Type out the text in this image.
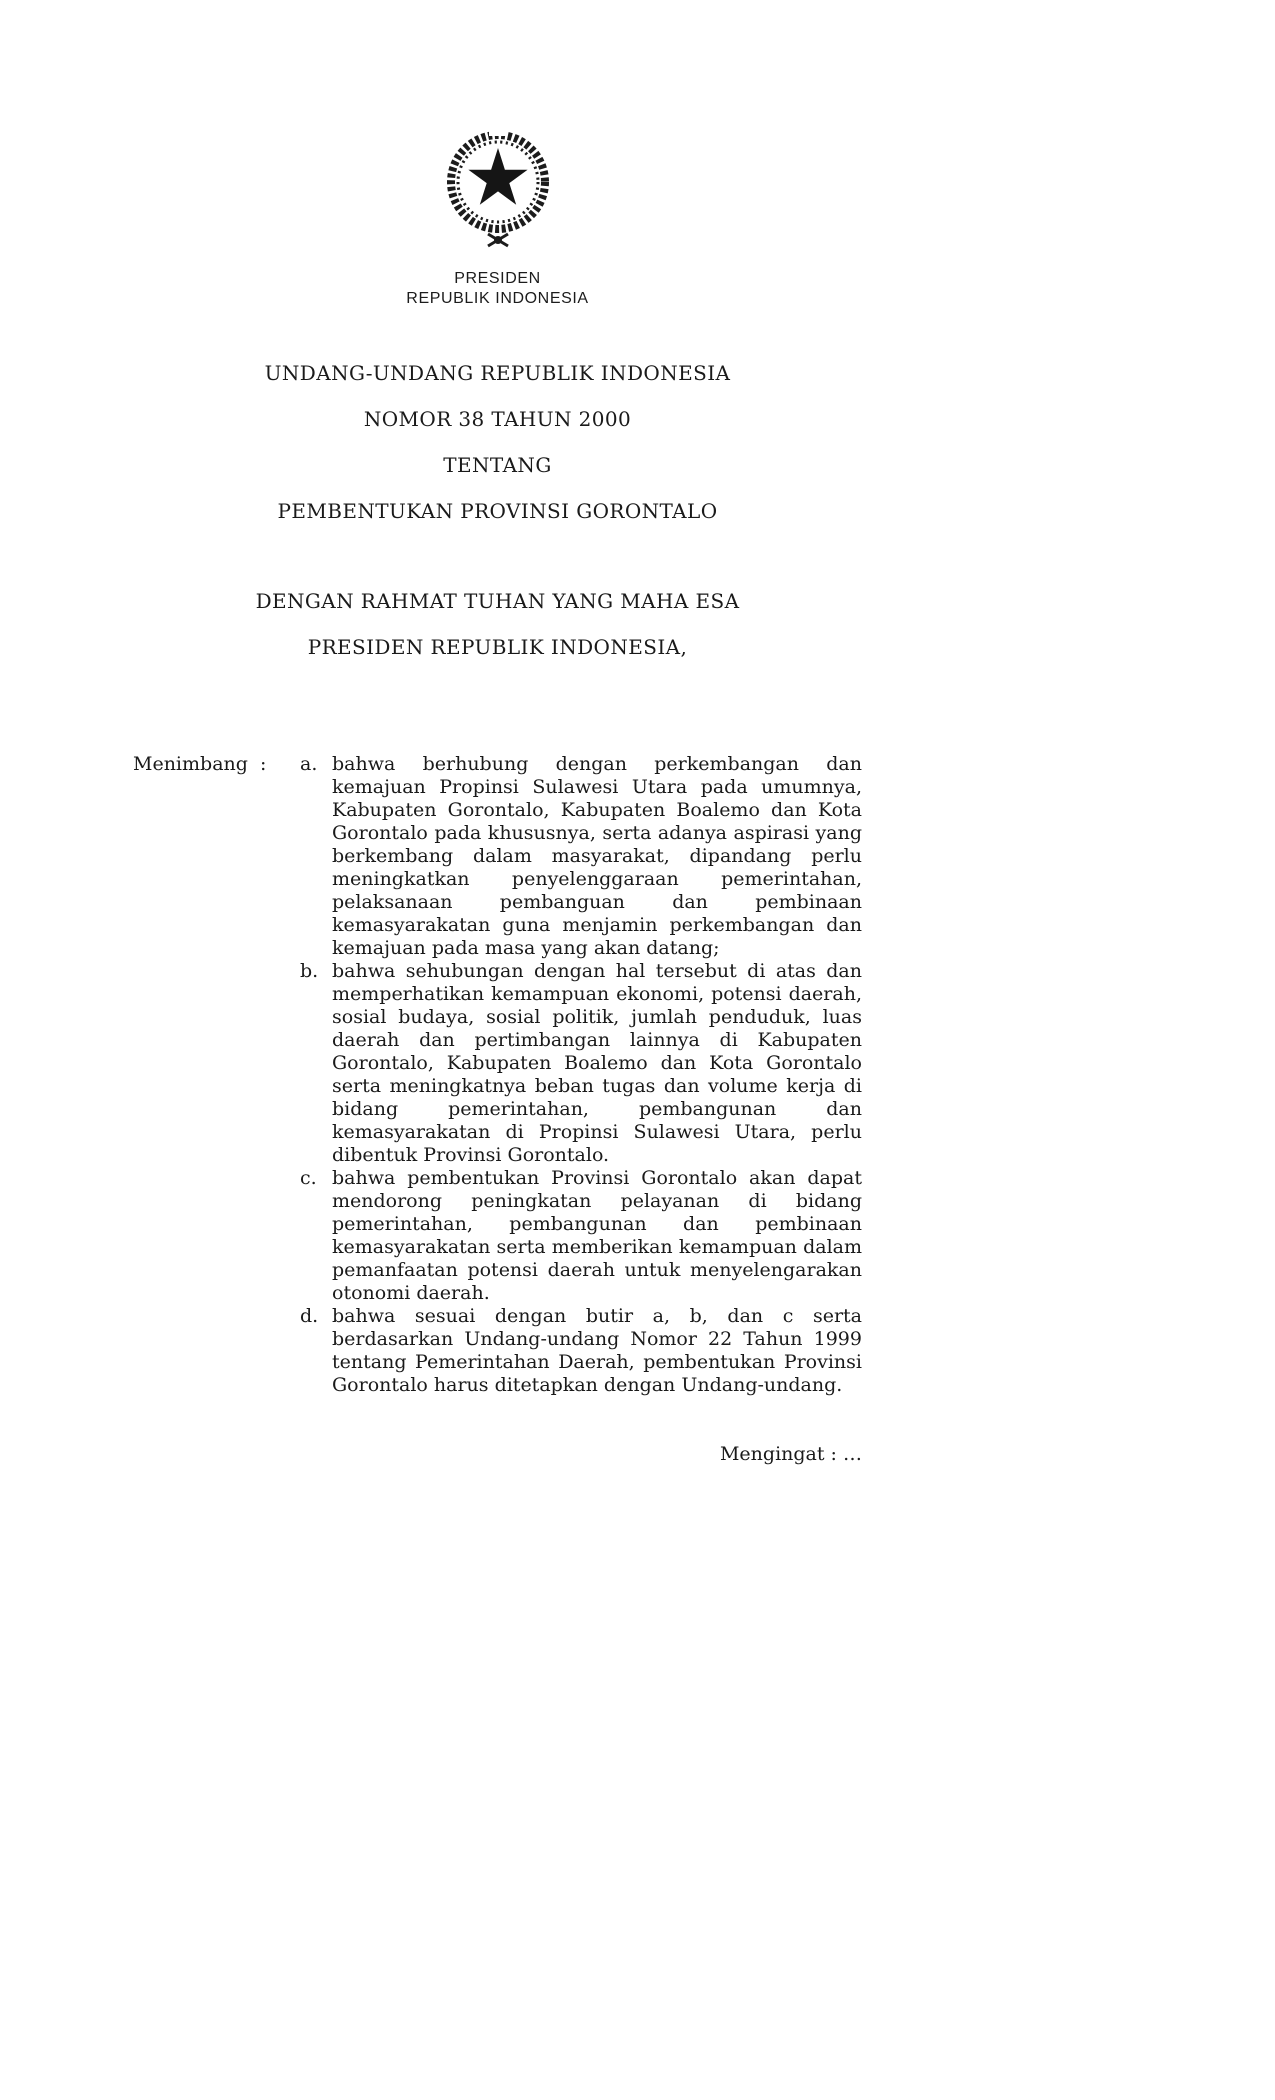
PRESIDEN
REPUBLIK INDONESIA
UNDANG-UNDANG REPUBLIK INDONESIA
NOMOR 38 TAHUN 2000
TENTANG
PEMBENTUKAN PROVINSI GORONTALO
DENGAN RAHMAT TUHAN YANG MAHA ESA
PRESIDEN REPUBLIK INDONESIA,
Menimbang :	a. bahwa berhubung dengan perkembangan dan kemajuan Propinsi Sulawesi Utara pada umumnya, Kabupaten Gorontalo, Kabupaten Boalemo dan Kota Gorontalo pada khususnya, serta adanya aspirasi yang berkembang dalam masyarakat, dipandang perlu meningkatkan penyelenggaraan pemerintahan, pelaksanaan pembanguan dan pembinaan kemasyarakatan guna menjamin perkembangan dan kemajuan pada masa yang akan datang;
b. bahwa sehubungan dengan hal tersebut di atas dan memperhatikan kemampuan ekonomi, potensi daerah, sosial budaya, sosial politik, jumlah penduduk, luas daerah dan pertimbangan lainnya di Kabupaten Gorontalo, Kabupaten Boalemo dan Kota Gorontalo serta meningkatnya beban tugas dan volume kerja di bidang pemerintahan, pembangunan dan kemasyarakatan di Propinsi Sulawesi Utara, perlu dibentuk Provinsi Gorontalo.
c. bahwa pembentukan Provinsi Gorontalo akan dapat mendorong peningkatan pelayanan di bidang pemerintahan, pembangunan dan pembinaan kemasyarakatan serta memberikan kemampuan dalam pemanfaatan potensi daerah untuk menyelengarakan otonomi daerah.
d. bahwa sesuai dengan butir a, b, dan c serta berdasarkan Undang-undang Nomor 22 Tahun 1999 tentang Pemerintahan Daerah, pembentukan Provinsi Gorontalo harus ditetapkan dengan Undang-undang.
Mengingat : …
